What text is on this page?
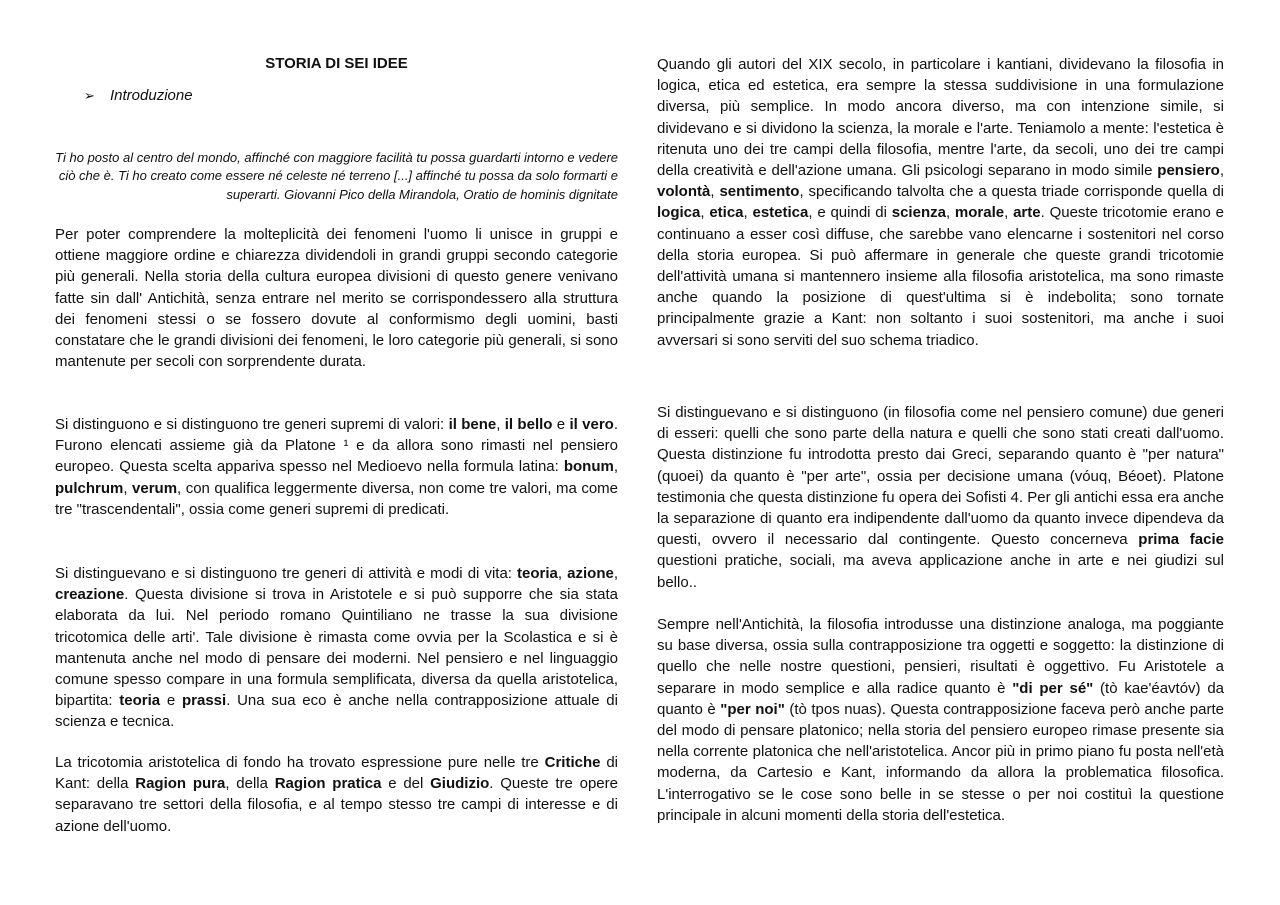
STORIA DI SEI IDEE
➢	Introduzione

Ti ho posto al centro del mondo, affinché con maggiore facilità tu possa guardarti intorno e vedere ciò che è. Ti ho creato come essere né celeste né terreno [...] affinché tu possa da solo formarti e superarti. Giovanni Pico della Mirandola, Oratio de hominis dignitate

Per poter comprendere la molteplicità dei fenomeni l'uomo li unisce in gruppi e ottiene maggiore ordine e chiarezza dividendoli in grandi gruppi secondo categorie più generali. Nella storia della cultura europea divisioni di questo genere venivano fatte sin dall' Antichità, senza entrare nel merito se corrispondessero alla struttura dei fenomeni stessi o se fossero dovute al conformismo degli uomini, basti constatare che le grandi divisioni dei fenomeni, le loro categorie più generali, si sono mantenute per secoli con sorprendente durata.

Si distinguono e si distinguono tre generi supremi di valori: il bene, il bello e il vero. Furono elencati assieme già da Platone ¹ e da allora sono rimasti nel pensiero europeo. Questa scelta appariva spesso nel Medioevo nella formula latina: bonum, pulchrum, verum, con qualifica leggermente diversa, non come tre valori, ma come tre "trascendentali", ossia come generi supremi di predicati.

Si distinguevano e si distinguono tre generi di attività e modi di vita: teoria, azione, creazione. Questa divisione si trova in Aristotele e si può supporre che sia stata elaborata da lui. Nel periodo romano Quintiliano ne trasse la sua divisione tricotomica delle arti'. Tale divisione è rimasta come ovvia per la Scolastica e si è mantenuta anche nel modo di pensare dei moderni. Nel pensiero e nel linguaggio comune spesso compare in una formula semplificata, diversa da quella aristotelica, bipartita: teoria e prassi. Una sua eco è anche nella contrapposizione attuale di scienza e tecnica.

La tricotomia aristotelica di fondo ha trovato espressione pure nelle tre Critiche di Kant: della Ragion pura, della Ragion pratica e del Giudizio. Queste tre opere separavano tre settori della filosofia, e al tempo stesso tre campi di interesse e di azione dell'uomo.

Quando gli autori del XIX secolo, in particolare i kantiani, dividevano la filosofia in logica, etica ed estetica, era sempre la stessa suddivisione in una formulazione diversa, più semplice. In modo ancora diverso, ma con intenzione simile, si dividevano e si dividono la scienza, la morale e l'arte. Teniamolo a mente: l'estetica è ritenuta uno dei tre campi della filosofia, mentre l'arte, da secoli, uno dei tre campi della creatività e dell'azione umana. Gli psicologi separano in modo simile pensiero, volontà, sentimento, specificando talvolta che a questa triade corrisponde quella di logica, etica, estetica, e quindi di scienza, morale, arte. Queste tricotomie erano e continuano a esser così diffuse, che sarebbe vano elencarne i sostenitori nel corso della storia europea. Si può affermare in generale che queste grandi tricotomie dell'attività umana si mantennero insieme alla filosofia aristotelica, ma sono rimaste anche quando la posizione di quest'ultima si è indebolita; sono tornate principalmente grazie a Kant: non soltanto i suoi sostenitori, ma anche i suoi avversari si sono serviti del suo schema triadico.

Si distinguevano e si distinguono (in filosofia come nel pensiero comune) due generi di esseri: quelli che sono parte della natura e quelli che sono stati creati dall'uomo. Questa distinzione fu introdotta presto dai Greci, separando quanto è "per natura" (quoei) da quanto è "per arte", ossia per decisione umana (vóuq, Béoet). Platone testimonia che questa distinzione fu opera dei Sofisti 4. Per gli antichi essa era anche la separazione di quanto era indipendente dall'uomo da quanto invece dipendeva da questi, ovvero il necessario dal contingente. Questo concerneva prima facie questioni pratiche, sociali, ma aveva applicazione anche in arte e nei giudizi sul bello..

Sempre nell'Antichità, la filosofia introdusse una distinzione analoga, ma poggiante su base diversa, ossia sulla contrapposizione tra oggetti e soggetto: la distinzione di quello che nelle nostre questioni, pensieri, risultati è oggettivo. Fu Aristotele a separare in modo semplice e alla radice quanto è "di per sé" (tò kae'éavtóv) da quanto è "per noi" (tò tpos nuas). Questa contrapposizione faceva però anche parte del modo di pensare platonico; nella storia del pensiero europeo rimase presente sia nella corrente platonica che nell'aristotelica. Ancor più in primo piano fu posta nell'età moderna, da Cartesio e Kant, informando da allora la problematica filosofica. L'interrogativo se le cose sono belle in se stesse o per noi costituì la questione principale in alcuni momenti della storia dell'estetica.
